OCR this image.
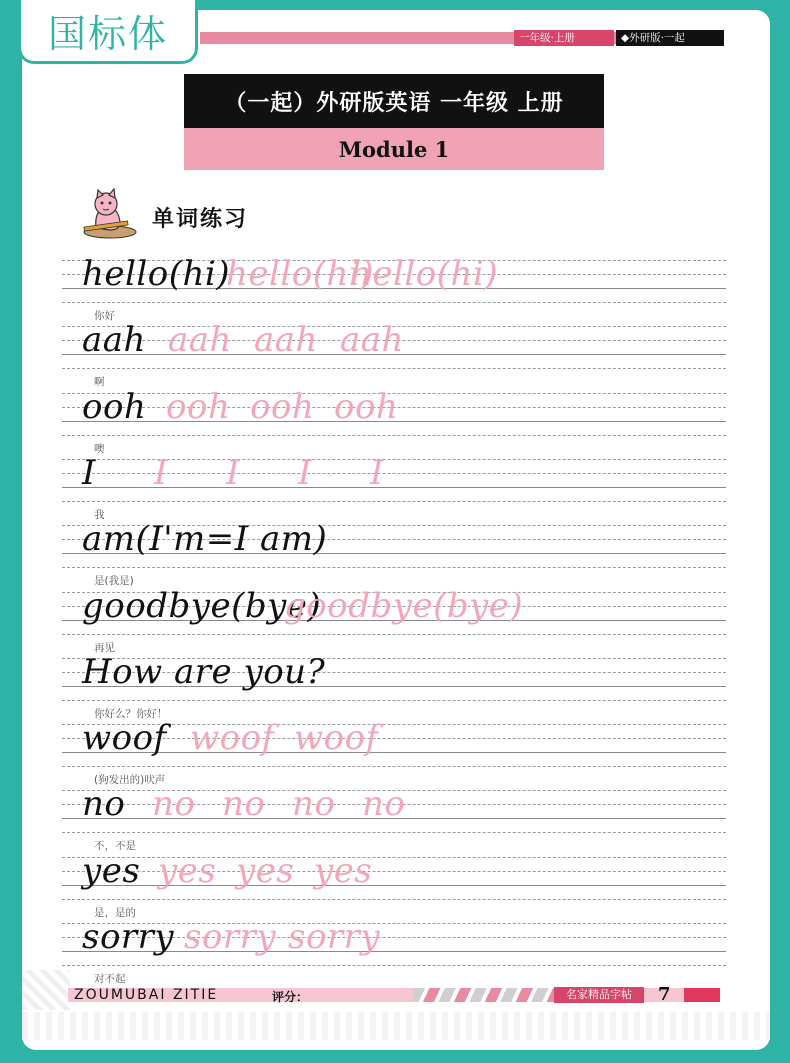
国标体	一年级·上册	◆外研版·一起
（一起）外研版英语 一年级 上册
Module 1
单词练习
hello(hi)
hello(hi)
hello(hi)
你好
aah aah aah aah
啊
ooh ooh ooh ooh
噢
I I I I I
我
am(I'm=I am)
是(我是)
goodbye(bye)
goodbye(bye)
再见
How are you?
你好么？你好！
woof woof woof
(狗发出的)吠声
no no no no no
不，不是
yes yes yes yes
是，是的
sorry sorry sorry
对不起
ZOUMUBAI ZITIE	评分：	名家精品字帖	7
